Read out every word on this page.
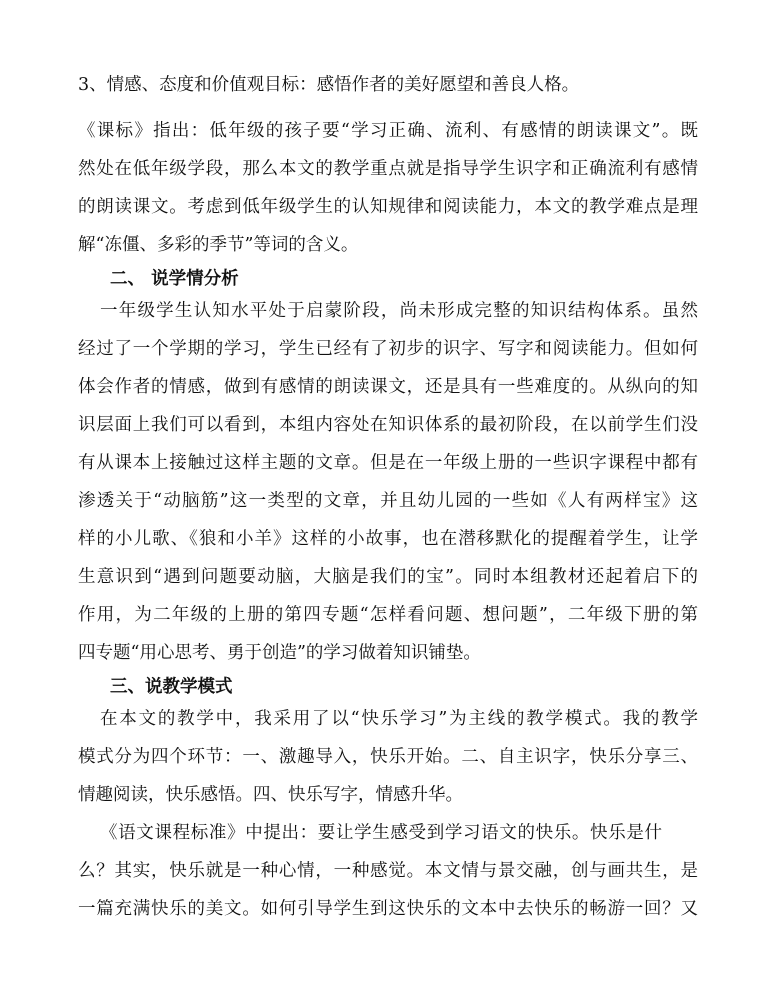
3、情感、态度和价值观目标：感悟作者的美好愿望和善良人格。
《课标》指出：低年级的孩子要“学习正确、流利、有感情的朗读课文”。既
然处在低年级学段，那么本文的教学重点就是指导学生识字和正确流利有感情
的朗读课文。考虑到低年级学生的认知规律和阅读能力，本文的教学难点是理
解“冻僵、多彩的季节”等词的含义。
二、 说学情分析
一年级学生认知水平处于启蒙阶段，尚未形成完整的知识结构体系。虽然
经过了一个学期的学习，学生已经有了初步的识字、写字和阅读能力。但如何
体会作者的情感，做到有感情的朗读课文，还是具有一些难度的。从纵向的知
识层面上我们可以看到，本组内容处在知识体系的最初阶段，在以前学生们没
有从课本上接触过这样主题的文章。但是在一年级上册的一些识字课程中都有
渗透关于“动脑筋”这一类型的文章，并且幼儿园的一些如《人有两样宝》这
样的小儿歌、《狼和小羊》这样的小故事，也在潜移默化的提醒着学生，让学
生意识到“遇到问题要动脑，大脑是我们的宝”。同时本组教材还起着启下的
作用，为二年级的上册的第四专题“怎样看问题、想问题”，二年级下册的第
四专题“用心思考、勇于创造”的学习做着知识铺垫。
三、说教学模式
在本文的教学中，我采用了以“快乐学习”为主线的教学模式。我的教学
模式分为四个环节：一、激趣导入，快乐开始。二、自主识字，快乐分享三、
情趣阅读，快乐感悟。四、快乐写字，情感升华。
《语文课程标准》中提出：要让学生感受到学习语文的快乐。快乐是什
么？其实，快乐就是一种心情，一种感觉。本文情与景交融，创与画共生，是
一篇充满快乐的美文。如何引导学生到这快乐的文本中去快乐的畅游一回？又
